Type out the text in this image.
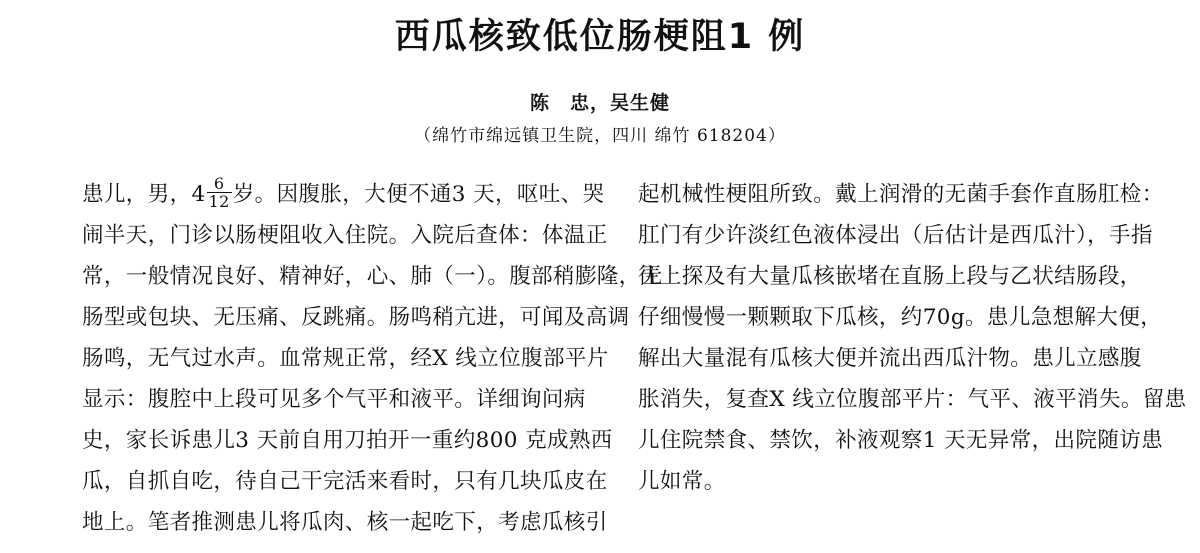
西瓜核致低位肠梗阻1 例
陈　忠，吴生健
（绵竹市绵远镇卫生院，四川 绵竹 618204）
患儿，男，$4 \frac{6}{12}$ 岁。因腹胀，大便不通3 天，呕吐、哭
闹半天，门诊以肠梗阻收入住院。入院后查体：体温正
常，一般情况良好、精神好，心、肺（一）。腹部稍膨隆，无
肠型或包块、无压痛、反跳痛。肠鸣稍亢进，可闻及高调
肠鸣，无气过水声。血常规正常，经X 线立位腹部平片
显示：腹腔中上段可见多个气平和液平。详细询问病
史，家长诉患儿3 天前自用刀拍开一重约800 克成熟西
瓜，自抓自吃，待自己干完活来看时，只有几块瓜皮在
地上。笔者推测患儿将瓜肉、核一起吃下，考虑瓜核引
起机械性梗阻所致。戴上润滑的无菌手套作直肠肛检：
肛门有少许淡红色液体浸出（后估计是西瓜汁），手指
往上探及有大量瓜核嵌堵在直肠上段与乙状结肠段，
仔细慢慢一颗颗取下瓜核，约70g。患儿急想解大便，
解出大量混有瓜核大便并流出西瓜汁物。患儿立感腹
胀消失，复查X 线立位腹部平片：气平、液平消失。留患
儿住院禁食、禁饮，补液观察1 天无异常，出院随访患
儿如常。
